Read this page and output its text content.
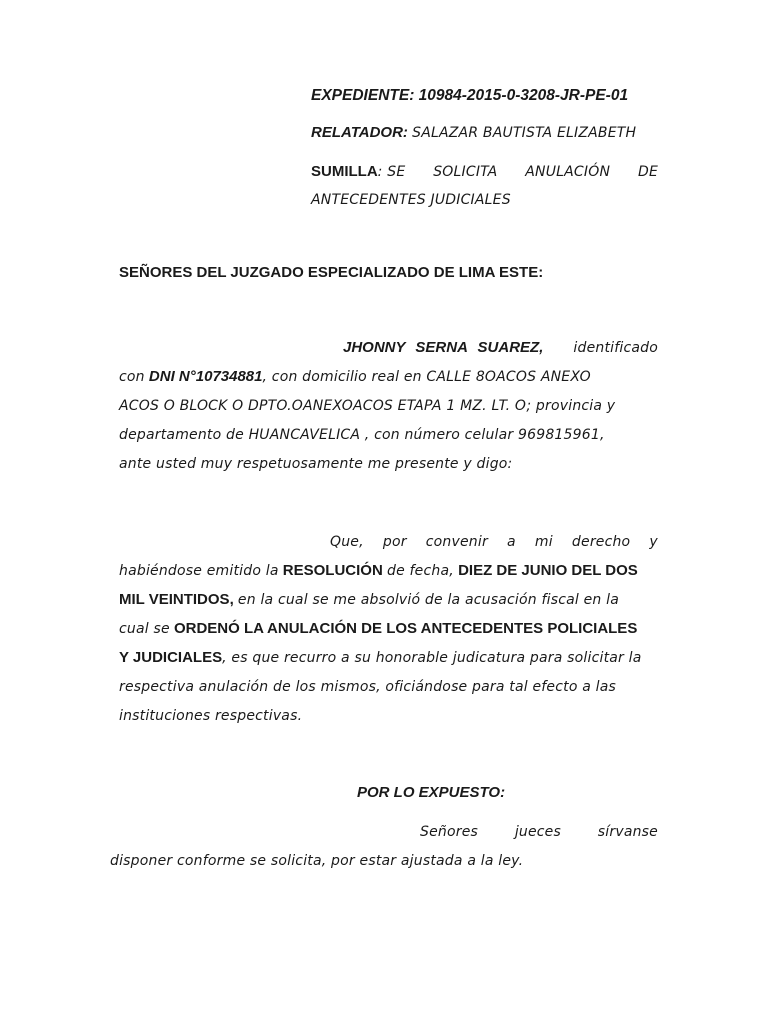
EXPEDIENTE: 10984-2015-0-3208-JR-PE-01
RELATADOR: SALAZAR BAUTISTA ELIZABETH
SUMILLA: SE SOLICITA ANULACIÓN DE
ANTECEDENTES JUDICIALES
SEÑORES DEL JUZGADO ESPECIALIZADO DE LIMA ESTE:
JHONNY SERNA SUAREZ, identificado
con DNI N°10734881, con domicilio real en CALLE 8OACOS ANEXO
ACOS O BLOCK O DPTO.OANEXOACOS ETAPA 1 MZ. LT. O; provincia y
departamento de HUANCAVELICA , con número celular 969815961,
ante usted muy respetuosamente me presente y digo:
Que, por convenir a mi derecho y
habiéndose emitido la RESOLUCIÓN de fecha, DIEZ DE JUNIO DEL DOS
MIL VEINTIDOS, en la cual se me absolvió de la acusación fiscal en la
cual se ORDENÓ LA ANULACIÓN DE LOS ANTECEDENTES POLICIALES
Y JUDICIALES, es que recurro a su honorable judicatura para solicitar la
respectiva anulación de los mismos, oficiándose para tal efecto a las
instituciones respectivas.
POR LO EXPUESTO:
Señores	jueces	sírvanse
disponer conforme se solicita, por estar ajustada a la ley.
